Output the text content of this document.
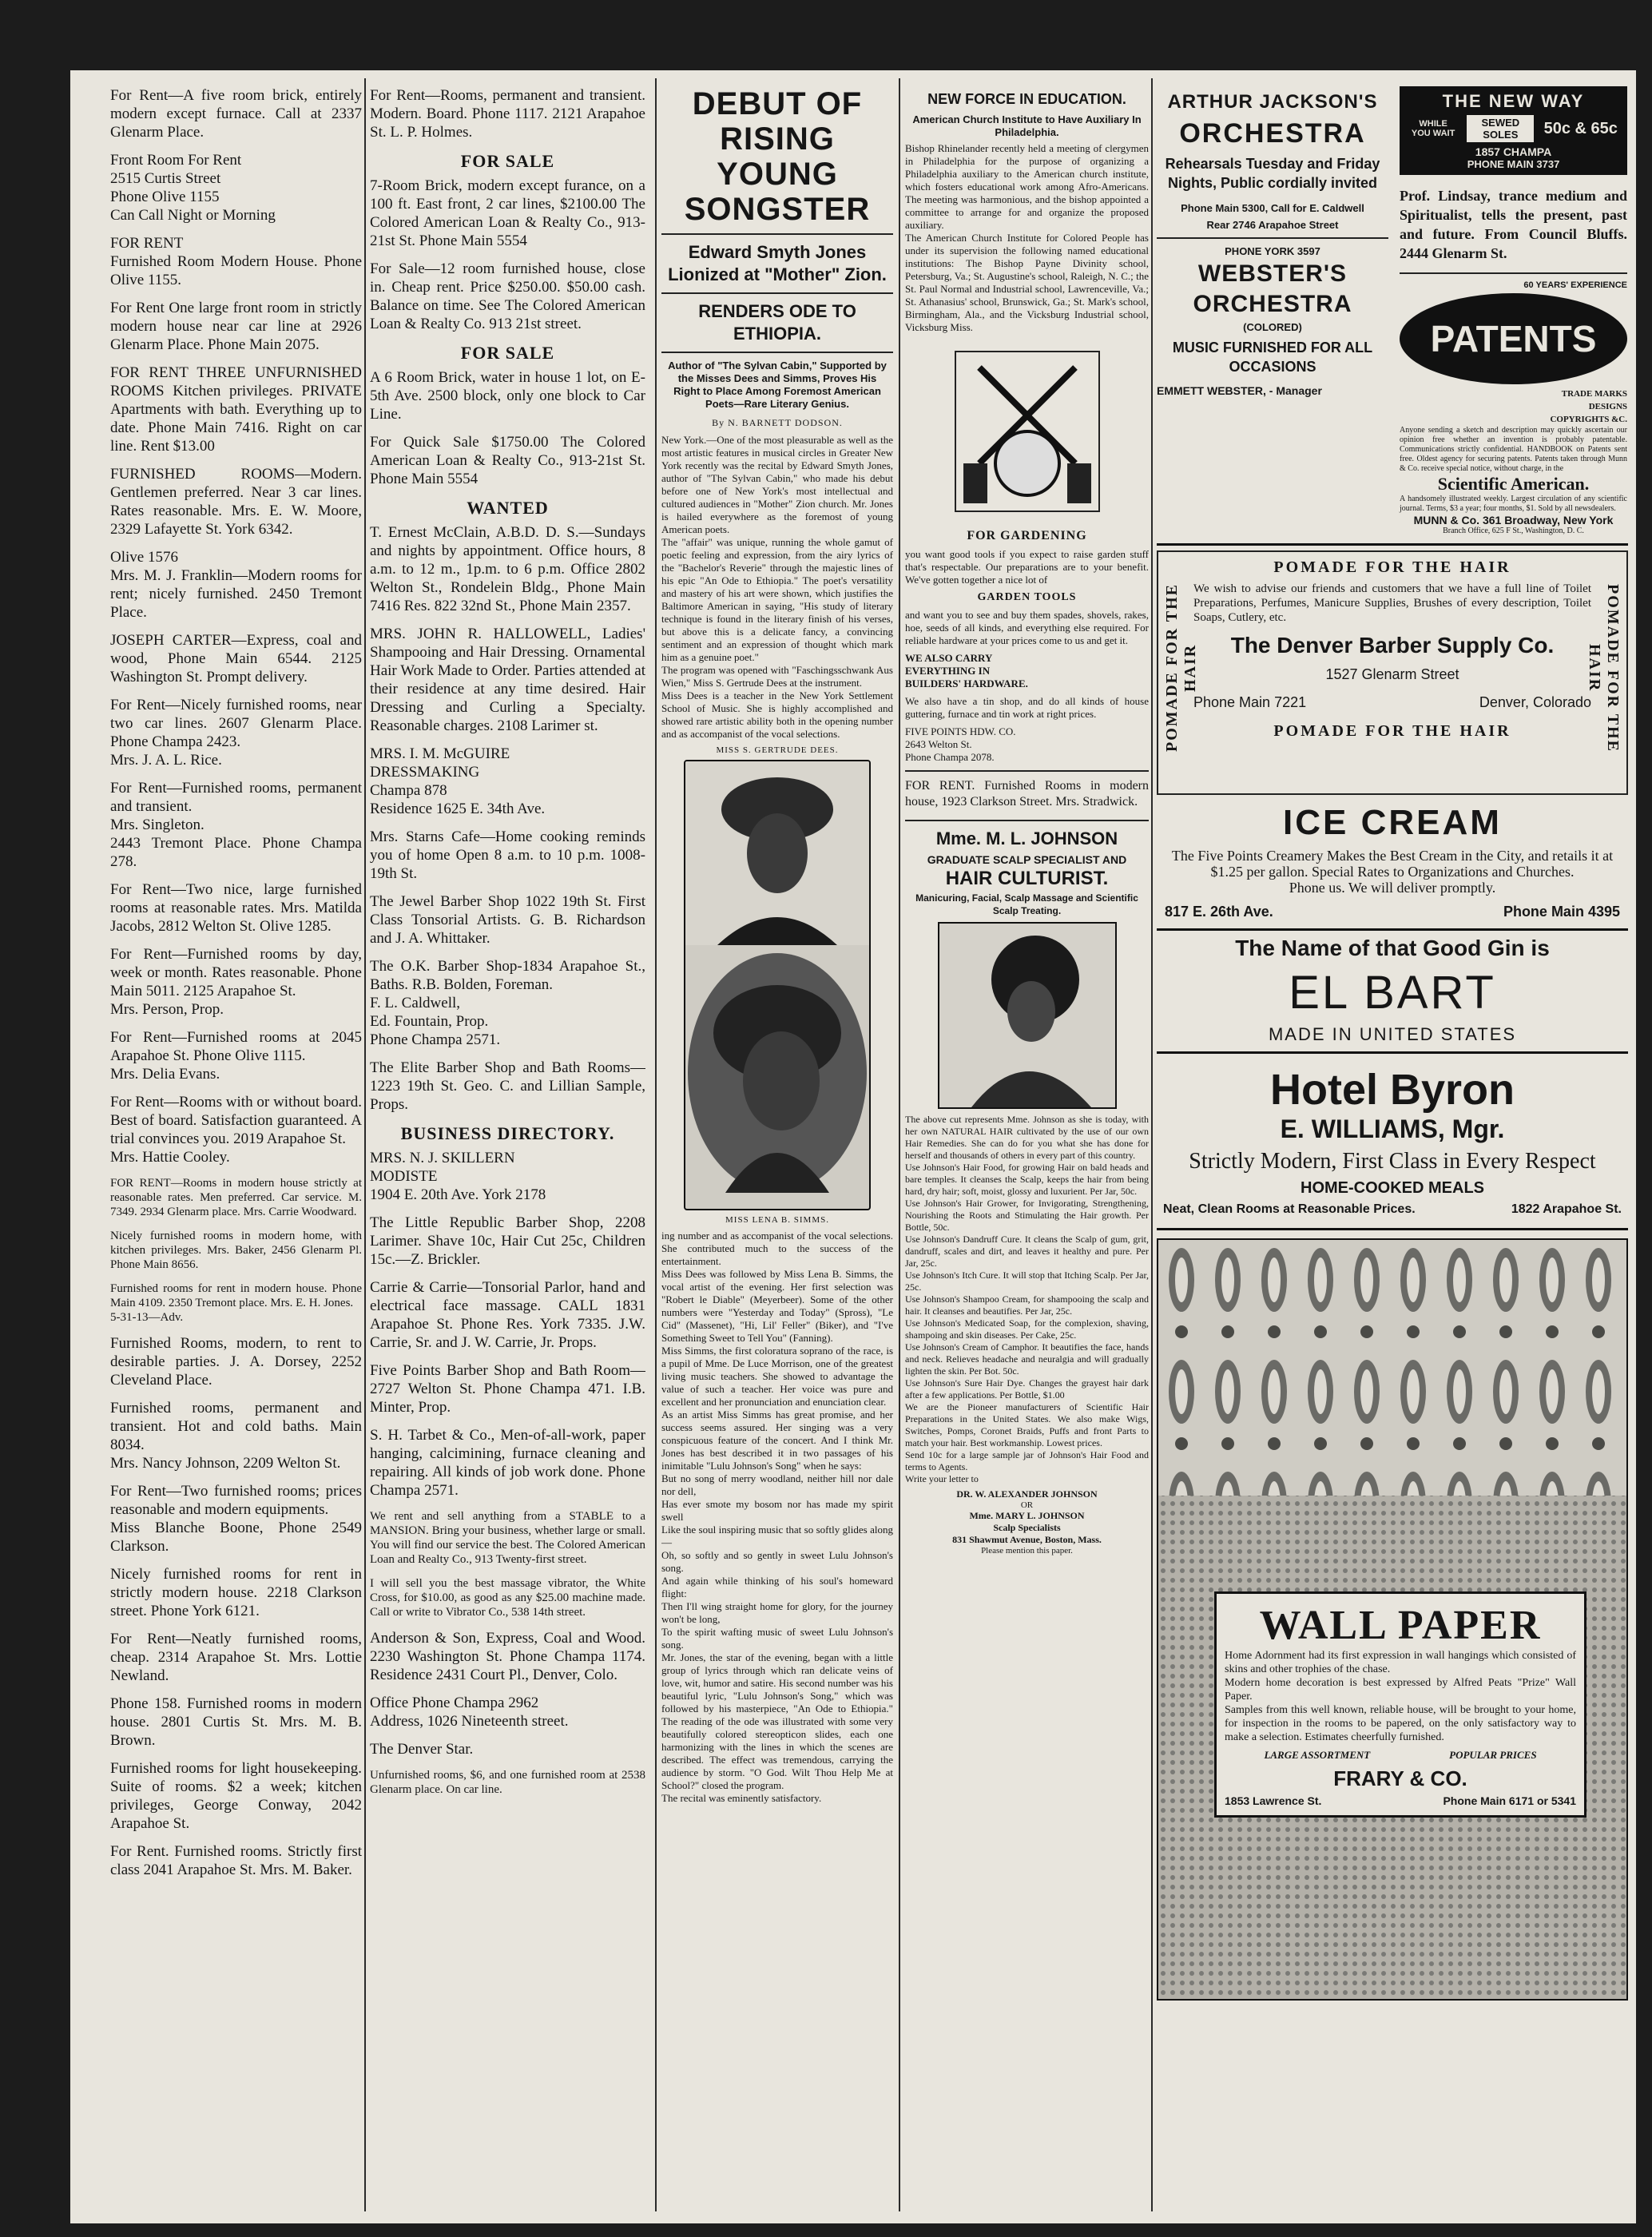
For Rent—A five room brick, entirely modern except furnace. Call at 2337 Glenarm Place.

Front Room For Rent
2515 Curtis Street
Phone Olive 1155
Can Call Night or Morning

FOR RENT
Furnished Room Modern House. Phone Olive 1155.

For Rent One large front room in strictly modern house near car line at 2926 Glenarm Place. Phone Main 2075.

FOR RENT THREE UNFURNISHED ROOMS Kitchen privileges. PRIVATE Apartments with bath. Everything up to date. Phone Main 7416. Right on car line. Rent $13.00

FURNISHED ROOMS—Modern. Gentlemen preferred. Near 3 car lines. Rates reasonable. Mrs. E. W. Moore, 2329 Lafayette St. York 6342.

Olive 1576
Mrs. M. J. Franklin—Modern rooms for rent; nicely furnished. 2450 Tremont Place.

JOSEPH CARTER—Express, coal and wood, Phone Main 6544. 2125 Washington St. Prompt delivery.

For Rent—Nicely furnished rooms, near two car lines. 2607 Glenarm Place. Phone Champa 2423.
Mrs. J. A. L. Rice.

For Rent—Furnished rooms, permanent and transient.
Mrs. Singleton.
2443 Tremont Place. Phone Champa 278.

For Rent—Two nice, large furnished rooms at reasonable rates. Mrs. Matilda Jacobs, 2812 Welton St. Olive 1285.

For Rent—Furnished rooms by day, week or month. Rates reasonable. Phone Main 5011. 2125 Arapahoe St.
Mrs. Person, Prop.

For Rent—Furnished rooms at 2045 Arapahoe St. Phone Olive 1115.
Mrs. Delia Evans.

For Rent—Rooms with or without board. Best of board. Satisfaction guaranteed. A trial convinces you. 2019 Arapahoe St.
Mrs. Hattie Cooley.

FOR RENT—Rooms in modern house strictly at reasonable rates. Men preferred. Car service. M. 7349. 2934 Glenarm place. Mrs. Carrie Woodward.

Nicely furnished rooms in modern home, with kitchen privileges. Mrs. Baker, 2456 Glenarm Pl. Phone Main 8656.

Furnished rooms for rent in modern house. Phone Main 4109. 2350 Tremont place. Mrs. E. H. Jones.
5-31-13—Adv.

Furnished Rooms, modern, to rent to desirable parties. J. A. Dorsey, 2252 Cleveland Place.

Furnished rooms, permanent and transient. Hot and cold baths. Main 8034.
Mrs. Nancy Johnson, 2209 Welton St.

For Rent—Two furnished rooms; prices reasonable and modern equipments.
Miss Blanche Boone, Phone 2549 Clarkson.

Nicely furnished rooms for rent in strictly modern house. 2218 Clarkson street. Phone York 6121.

For Rent—Neatly furnished rooms, cheap. 2314 Arapahoe St. Mrs. Lottie Newland.

Phone 158. Furnished rooms in modern house. 2801 Curtis St. Mrs. M. B. Brown.

Furnished rooms for light housekeeping. Suite of rooms. $2 a week; kitchen privileges, George Conway, 2042 Arapahoe St.

For Rent. Furnished rooms. Strictly first class 2041 Arapahoe St. Mrs. M. Baker.

For Rent—Rooms, permanent and transient. Modern. Board. Phone 1117. 2121 Arapahoe St. L. P. Holmes.

FOR SALE

7-Room Brick, modern except furance, on a 100 ft. East front, 2 car lines, $2100.00 The Colored American Loan & Realty Co., 913-21st St. Phone Main 5554

For Sale—12 room furnished house, close in. Cheap rent. Price $250.00. $50.00 cash. Balance on time. See The Colored American Loan & Realty Co. 913 21st street.

FOR SALE

A 6 Room Brick, water in house 1 lot, on E-5th Ave. 2500 block, only one block to Car Line.

For Quick Sale $1750.00 The Colored American Loan & Realty Co., 913-21st St. Phone Main 5554

WANTED

T. Ernest McClain, A.B.D. D. S.—Sundays and nights by appointment. Office hours, 8 a.m. to 12 m., 1p.m. to 6 p.m. Office 2802 Welton St., Rondelein Bldg., Phone Main 7416 Res. 822 32nd St., Phone Main 2357.

MRS. JOHN R. HALLOWELL, Ladies' Shampooing and Hair Dressing. Ornamental Hair Work Made to Order. Parties attended at their residence at any time desired. Hair Dressing and Curling a Specialty. Reasonable charges. 2108 Larimer st.

MRS. I. M. McGUIRE
DRESSMAKING
Champa 878
Residence 1625 E. 34th Ave.

Mrs. Starns Cafe—Home cooking reminds you of home Open 8 a.m. to 10 p.m. 1008-19th St.

The Jewel Barber Shop 1022 19th St. First Class Tonsorial Artists. G. B. Richardson and J. A. Whittaker.

The O.K. Barber Shop-1834 Arapahoe St., Baths. R.B. Bolden, Foreman.
F. L. Caldwell,
Ed. Fountain, Prop.
Phone Champa 2571.

The Elite Barber Shop and Bath Rooms—1223 19th St. Geo. C. and Lillian Sample, Props.

BUSINESS DIRECTORY.

MRS. N. J. SKILLERN
MODISTE
1904 E. 20th Ave. York 2178

The Little Republic Barber Shop, 2208 Larimer. Shave 10c, Hair Cut 25c, Children 15c.—Z. Brickler.

Carrie & Carrie—Tonsorial Parlor, hand and electrical face massage. CALL 1831 Arapahoe St. Phone Res. York 7335. J.W. Carrie, Sr. and J. W. Carrie, Jr. Props.

Five Points Barber Shop and Bath Room—2727 Welton St. Phone Champa 471. I.B. Minter, Prop.

S. H. Tarbet & Co., Men-of-all-work, paper hanging, calcimining, furnace cleaning and repairing. All kinds of job work done. Phone Champa 2571.

We rent and sell anything from a STABLE to a MANSION. Bring your business, whether large or small. You will find our service the best. The Colored American Loan and Realty Co., 913 Twenty-first street.

I will sell you the best massage vibrator, the White Cross, for $10.00, as good as any $25.00 machine made. Call or write to Vibrator Co., 538 14th street.

Anderson & Son, Express, Coal and Wood. 2230 Washington St. Phone Champa 1174. Residence 2431 Court Pl., Denver, Colo.

Office Phone Champa 2962
Address, 1026 Nineteenth street.

The Denver Star.

Unfurnished rooms, $6, and one furnished room at 2538 Glenarm place. On car line.

DEBUT OF RISING YOUNG SONGSTER
Edward Smyth Jones Lionized at "Mother" Zion.
RENDERS ODE TO ETHIOPIA.
Author of "The Sylvan Cabin," Supported by the Misses Dees and Simms, Proves His Right to Place Among Foremost American Poets—Rare Literary Genius.
By N. BARNETT DODSON.

New York.—One of the most pleasurable as well as the most artistic features in musical circles in Greater New York recently was the recital by Edward Smyth Jones, author of "The Sylvan Cabin," who made his debut before one of New York's most intellectual and cultured audiences in "Mother" Zion church. Mr. Jones is hailed everywhere as the foremost of young American poets.
The "affair" was unique, running the whole gamut of poetic feeling and expression, from the airy lyrics of the "Bachelor's Reverie" through the majestic lines of his epic "An Ode to Ethiopia." The poet's versatility and mastery of his art were shown, which justifies the Baltimore American in saying, "His study of literary technique is found in the literary finish of his verses, but above this is a delicate fancy, a convincing sentiment and an expression of thought which mark him as a genuine poet."
The program was opened with "Faschingsschwank Aus Wien," Miss S. Gertrude Dees at the instrument.
Miss Dees is a teacher in the New York Settlement School of Music. She is highly accomplished and showed rare artistic ability both in the opening number and as accompanist of the vocal selections.

MISS S. GERTRUDE DEES.
MISS LENA B. SIMMS.

ing number and as accompanist of the vocal selections. She contributed much to the success of the entertainment.
Miss Dees was followed by Miss Lena B. Simms, the vocal artist of the evening. Her first selection was "Robert le Diable" (Meyerbeer). Some of the other numbers were "Yesterday and Today" (Spross), "Le Cid" (Massenet), "Hi, Lil' Feller" (Biker), and "I've Something Sweet to Tell You" (Fanning).
Miss Simms, the first coloratura soprano of the race, is a pupil of Mme. De Luce Morrison, one of the greatest living music teachers. She showed to advantage the value of such a teacher. Her voice was pure and excellent and her pronunciation and enunciation clear.
As an artist Miss Simms has great promise, and her success seems assured. Her singing was a very conspicuous feature of the concert. And I think Mr. Jones has best described it in two passages of his inimitable "Lulu Johnson's Song" when he says:
But no song of merry woodland, neither hill nor dale nor dell,
Has ever smote my bosom nor has made my spirit swell
Like the soul inspiring music that so softly glides along—
Oh, so softly and so gently in sweet Lulu Johnson's song.
And again while thinking of his soul's homeward flight:
Then I'll wing straight home for glory, for the journey won't be long,
To the spirit wafting music of sweet Lulu Johnson's song.
Mr. Jones, the star of the evening, began with a little group of lyrics through which ran delicate veins of love, wit, humor and satire. His second number was his beautiful lyric, "Lulu Johnson's Song," which was followed by his masterpiece, "An Ode to Ethiopia." The reading of the ode was illustrated with some very beautifully colored stereopticon slides, each one harmonizing with the lines in which the scenes are described. The effect was tremendous, carrying the audience by storm. "O God. Wilt Thou Help Me at School?" closed the program.
The recital was eminently satisfactory.

NEW FORCE IN EDUCATION.
American Church Institute to Have Auxiliary In Philadelphia.

Bishop Rhinelander recently held a meeting of clergymen in Philadelphia for the purpose of organizing a Philadelphia auxiliary to the American church institute, which fosters educational work among Afro-Americans. The meeting was harmonious, and the bishop appointed a committee to arrange for and organize the proposed auxiliary.
The American Church Institute for Colored People has under its supervision the following named educational institutions: The Bishop Payne Divinity school, Petersburg, Va.; St. Augustine's school, Raleigh, N. C.; the St. Paul Normal and Industrial school, Lawrenceville, Va.; St. Athanasius' school, Brunswick, Ga.; St. Mark's school, Birmingham, Ala., and the Vicksburg Industrial school, Vicksburg Miss.

FOR GARDENING

you want good tools if you expect to raise garden stuff that's respectable. Our preparations are to your benefit. We've gotten together a nice lot of

GARDEN TOOLS

and want you to see and buy them spades, shovels, rakes, hoe, seeds of all kinds, and everything else required. For reliable hardware at your prices come to us and get it.

WE ALSO CARRY
EVERYTHING IN
BUILDERS' HARDWARE.

We also have a tin shop, and do all kinds of house guttering, furnace and tin work at right prices.

FIVE POINTS HDW. CO.
2643 Welton St.
Phone Champa 2078.

FOR RENT. Furnished Rooms in modern house, 1923 Clarkson Street. Mrs. Stradwick.

Mme. M. L. JOHNSON
GRADUATE SCALP SPECIALIST AND
HAIR CULTURIST.
Manicuring, Facial, Scalp Massage and Scientific Scalp Treating.

The above cut represents Mme. Johnson as she is today, with her own NATURAL HAIR cultivated by the use of our own Hair Remedies. She can do for you what she has done for herself and thousands of others in every part of this country.
Use Johnson's Hair Food, for growing Hair on bald heads and bare temples. It cleanses the Scalp, keeps the hair from being hard, dry hair; soft, moist, glossy and luxurient. Per Jar, 50c.
Use Johnson's Hair Grower, for Invigorating, Strengthening, Nourishing the Roots and Stimulating the Hair growth. Per Bottle, 50c.
Use Johnson's Dandruff Cure. It cleans the Scalp of gum, grit, dandruff, scales and dirt, and leaves it healthy and pure. Per Jar, 25c.
Use Johnson's Itch Cure. It will stop that Itching Scalp. Per Jar, 25c.
Use Johnson's Shampoo Cream, for shampooing the scalp and hair. It cleanses and beautifies. Per Jar, 25c.
Use Johnson's Medicated Soap, for the complexion, shaving, shampoing and skin diseases. Per Cake, 25c.
Use Johnson's Cream of Camphor. It beautifies the face, hands and neck. Relieves headache and neuralgia and will gradually lighten the skin. Per Bot. 50c.
Use Johnson's Sure Hair Dye. Changes the grayest hair dark after a few applications. Per Bottle, $1.00
We are the Pioneer manufacturers of Scientific Hair Preparations in the United States. We also make Wigs, Switches, Pomps, Coronet Braids, Puffs and front Parts to match your hair. Best workmanship. Lowest prices.
Send 10c for a large sample jar of Johnson's Hair Food and terms to Agents.
Write your letter to

DR. W. ALEXANDER JOHNSON
OR
Mme. MARY L. JOHNSON
Scalp Specialists
831 Shawmut Avenue, Boston, Mass.
Please mention this paper.
ARTHUR JACKSON'S
ORCHESTRA
Rehearsals Tuesday and Friday Nights, Public cordially invited
Phone Main 5300, Call for E. Caldwell
Rear 2746 Arapahoe Street
PHONE YORK 3597
WEBSTER'S
ORCHESTRA
(COLORED)
MUSIC FURNISHED FOR ALL OCCASIONS
EMMETT WEBSTER, - Manager
THE NEW WAY
WHILE YOU WAIT
SEWED SOLES	50c & 65c
1857 CHAMPA
PHONE MAIN 3737

Prof. Lindsay, trance medium and Spiritualist, tells the present, past and future. From Council Bluffs. 2444 Glenarm St.

60 YEARS' EXPERIENCE
PATENTS

TRADE MARKS
DESIGNS
COPYRIGHTS &C.

Anyone sending a sketch and description may quickly ascertain our opinion free whether an invention is probably patentable. Communications strictly confidential. HANDBOOK on Patents sent free. Oldest agency for securing patents. Patents taken through Munn & Co. receive special notice, without charge, in the

Scientific American.

A handsomely illustrated weekly. Largest circulation of any scientific journal. Terms, $3 a year; four months, $1. Sold by all newsdealers.

MUNN & Co. 361 Broadway, New York
Branch Office, 625 F St., Washington, D. C.
POMADE FOR THE HAIR	POMADE FOR THE HAIR
POMADE FOR THE HAIR

We wish to advise our friends and customers that we have a full line of Toilet Preparations, Perfumes, Manicure Supplies, Brushes of every description, Toilet Soaps, Cutlery, etc.

The Denver Barber Supply Co.
1527 Glenarm Street
Phone Main 7221	Denver, Colorado
POMADE FOR THE HAIR
ICE CREAM

The Five Points Creamery Makes the Best Cream in the City, and retails it at $1.25 per gallon. Special Rates to Organizations and Churches.
Phone us. We will deliver promptly.

817 E. 26th Ave.	Phone Main 4395
The Name of that Good Gin is
EL BART
MADE IN UNITED STATES
Hotel Byron
E. WILLIAMS, Mgr.
Strictly Modern, First Class in Every Respect
HOME-COOKED MEALS
Neat, Clean Rooms at Reasonable Prices.	1822 Arapahoe St.
WALL PAPER

Home Adornment had its first expression in wall hangings which consisted of skins and other trophies of the chase.
Modern home decoration is best expressed by Alfred Peats "Prize" Wall Paper.
Samples from this well known, reliable house, will be brought to your home, for inspection in the rooms to be papered, on the only satisfactory way to make a selection. Estimates cheerfully furnished.

LARGE ASSORTMENT	POPULAR PRICES
FRARY & CO.
1853 Lawrence St.	Phone Main 6171 or 5341
